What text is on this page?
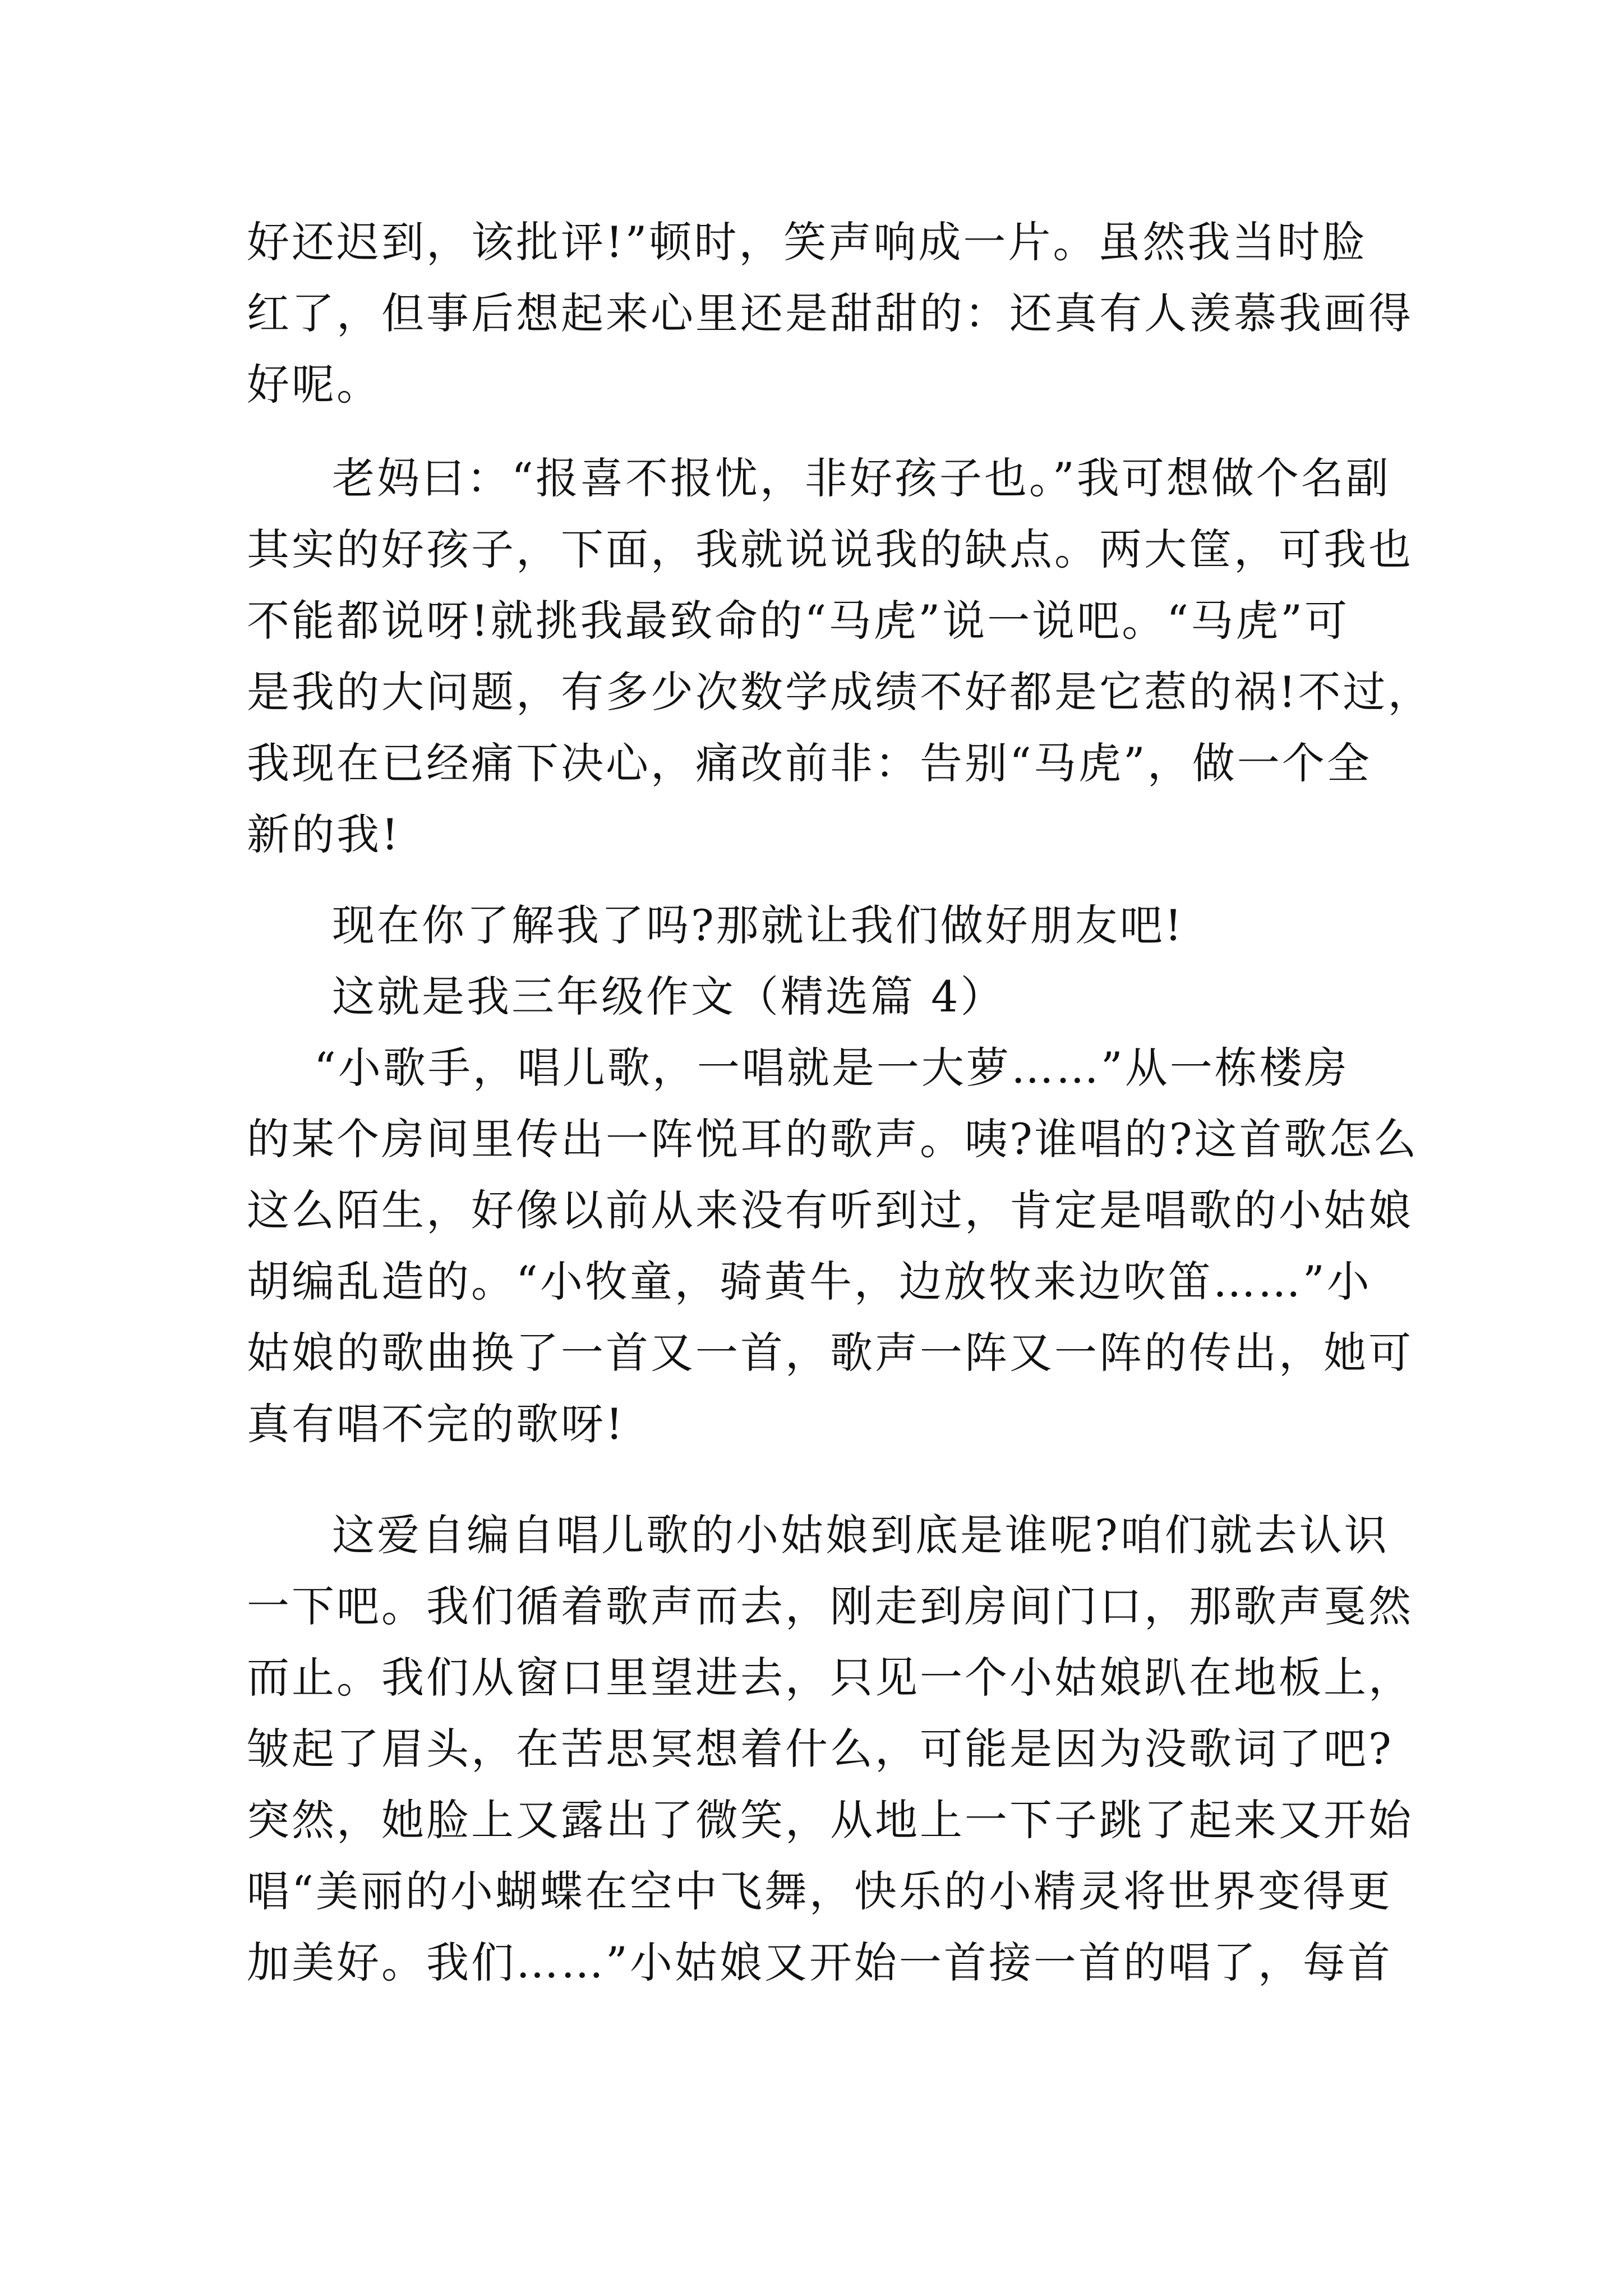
好还迟到，该批评!”顿时，笑声响成一片。虽然我当时脸
红了，但事后想起来心里还是甜甜的：还真有人羡慕我画得
好呢。
老妈曰：“报喜不报忧，非好孩子也。”我可想做个名副
其实的好孩子，下面，我就说说我的缺点。两大筐，可我也
不能都说呀!就挑我最致命的“马虎”说一说吧。“马虎”可
是我的大问题，有多少次数学成绩不好都是它惹的祸!不过，
我现在已经痛下决心，痛改前非：告别“马虎”，做一个全
新的我!
现在你了解我了吗?那就让我们做好朋友吧!
这就是我三年级作文（精选篇 4）
“小歌手，唱儿歌，一唱就是一大萝……”从一栋楼房
的某个房间里传出一阵悦耳的歌声。咦?谁唱的?这首歌怎么
这么陌生，好像以前从来没有听到过，肯定是唱歌的小姑娘
胡编乱造的。“小牧童，骑黄牛，边放牧来边吹笛……”小
姑娘的歌曲换了一首又一首，歌声一阵又一阵的传出，她可
真有唱不完的歌呀!
这爱自编自唱儿歌的小姑娘到底是谁呢?咱们就去认识
一下吧。我们循着歌声而去，刚走到房间门口，那歌声戛然
而止。我们从窗口里望进去，只见一个小姑娘趴在地板上，
皱起了眉头，在苦思冥想着什么，可能是因为没歌词了吧?
突然，她脸上又露出了微笑，从地上一下子跳了起来又开始
唱“美丽的小蝴蝶在空中飞舞，快乐的小精灵将世界变得更
加美好。我们……”小姑娘又开始一首接一首的唱了，每首
